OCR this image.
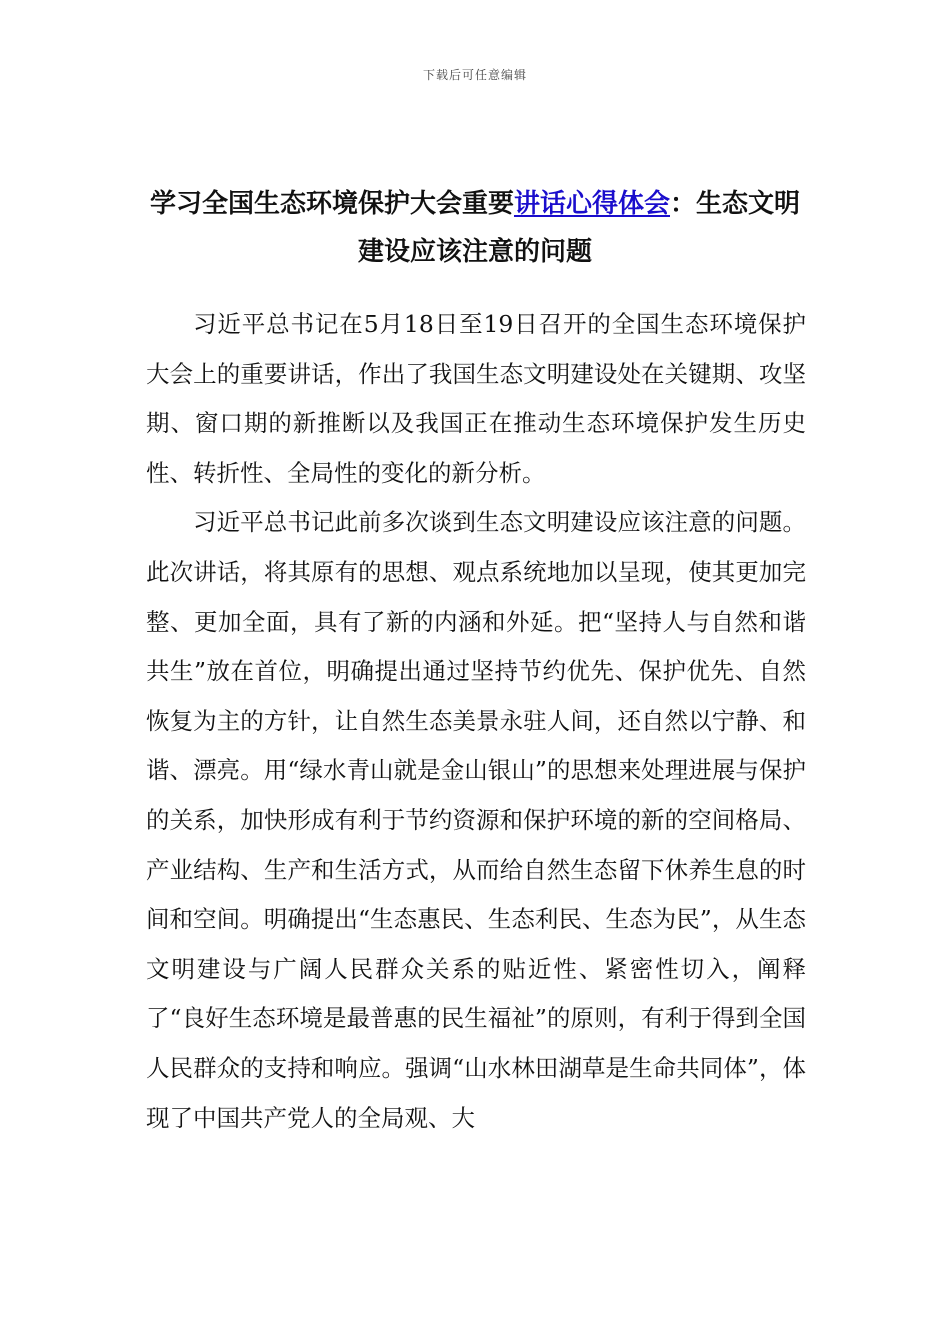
下载后可任意编辑
学习全国生态环境保护大会重要讲话心得体会：生态文明建设应该注意的问题

习近平总书记在5月18日至19日召开的全国生态环境保护大会上的重要讲话，作出了我国生态文明建设处在关键期、攻坚期、窗口期的新推断以及我国正在推动生态环境保护发生历史性、转折性、全局性的变化的新分析。

习近平总书记此前多次谈到生态文明建设应该注意的问题。此次讲话，将其原有的思想、观点系统地加以呈现，使其更加完整、更加全面，具有了新的内涵和外延。把“坚持人与自然和谐共生”放在首位，明确提出通过坚持节约优先、保护优先、自然恢复为主的方针，让自然生态美景永驻人间，还自然以宁静、和谐、漂亮。用“绿水青山就是金山银山”的思想来处理进展与保护的关系，加快形成有利于节约资源和保护环境的新的空间格局、产业结构、生产和生活方式，从而给自然生态留下休养生息的时间和空间。明确提出“生态惠民、生态利民、生态为民”，从生态文明建设与广阔人民群众关系的贴近性、紧密性切入，阐释了“良好生态环境是最普惠的民生福祉”的原则，有利于得到全国人民群众的支持和响应。强调“山水林田湖草是生命共同体”，体现了中国共产党人的全局观、大
